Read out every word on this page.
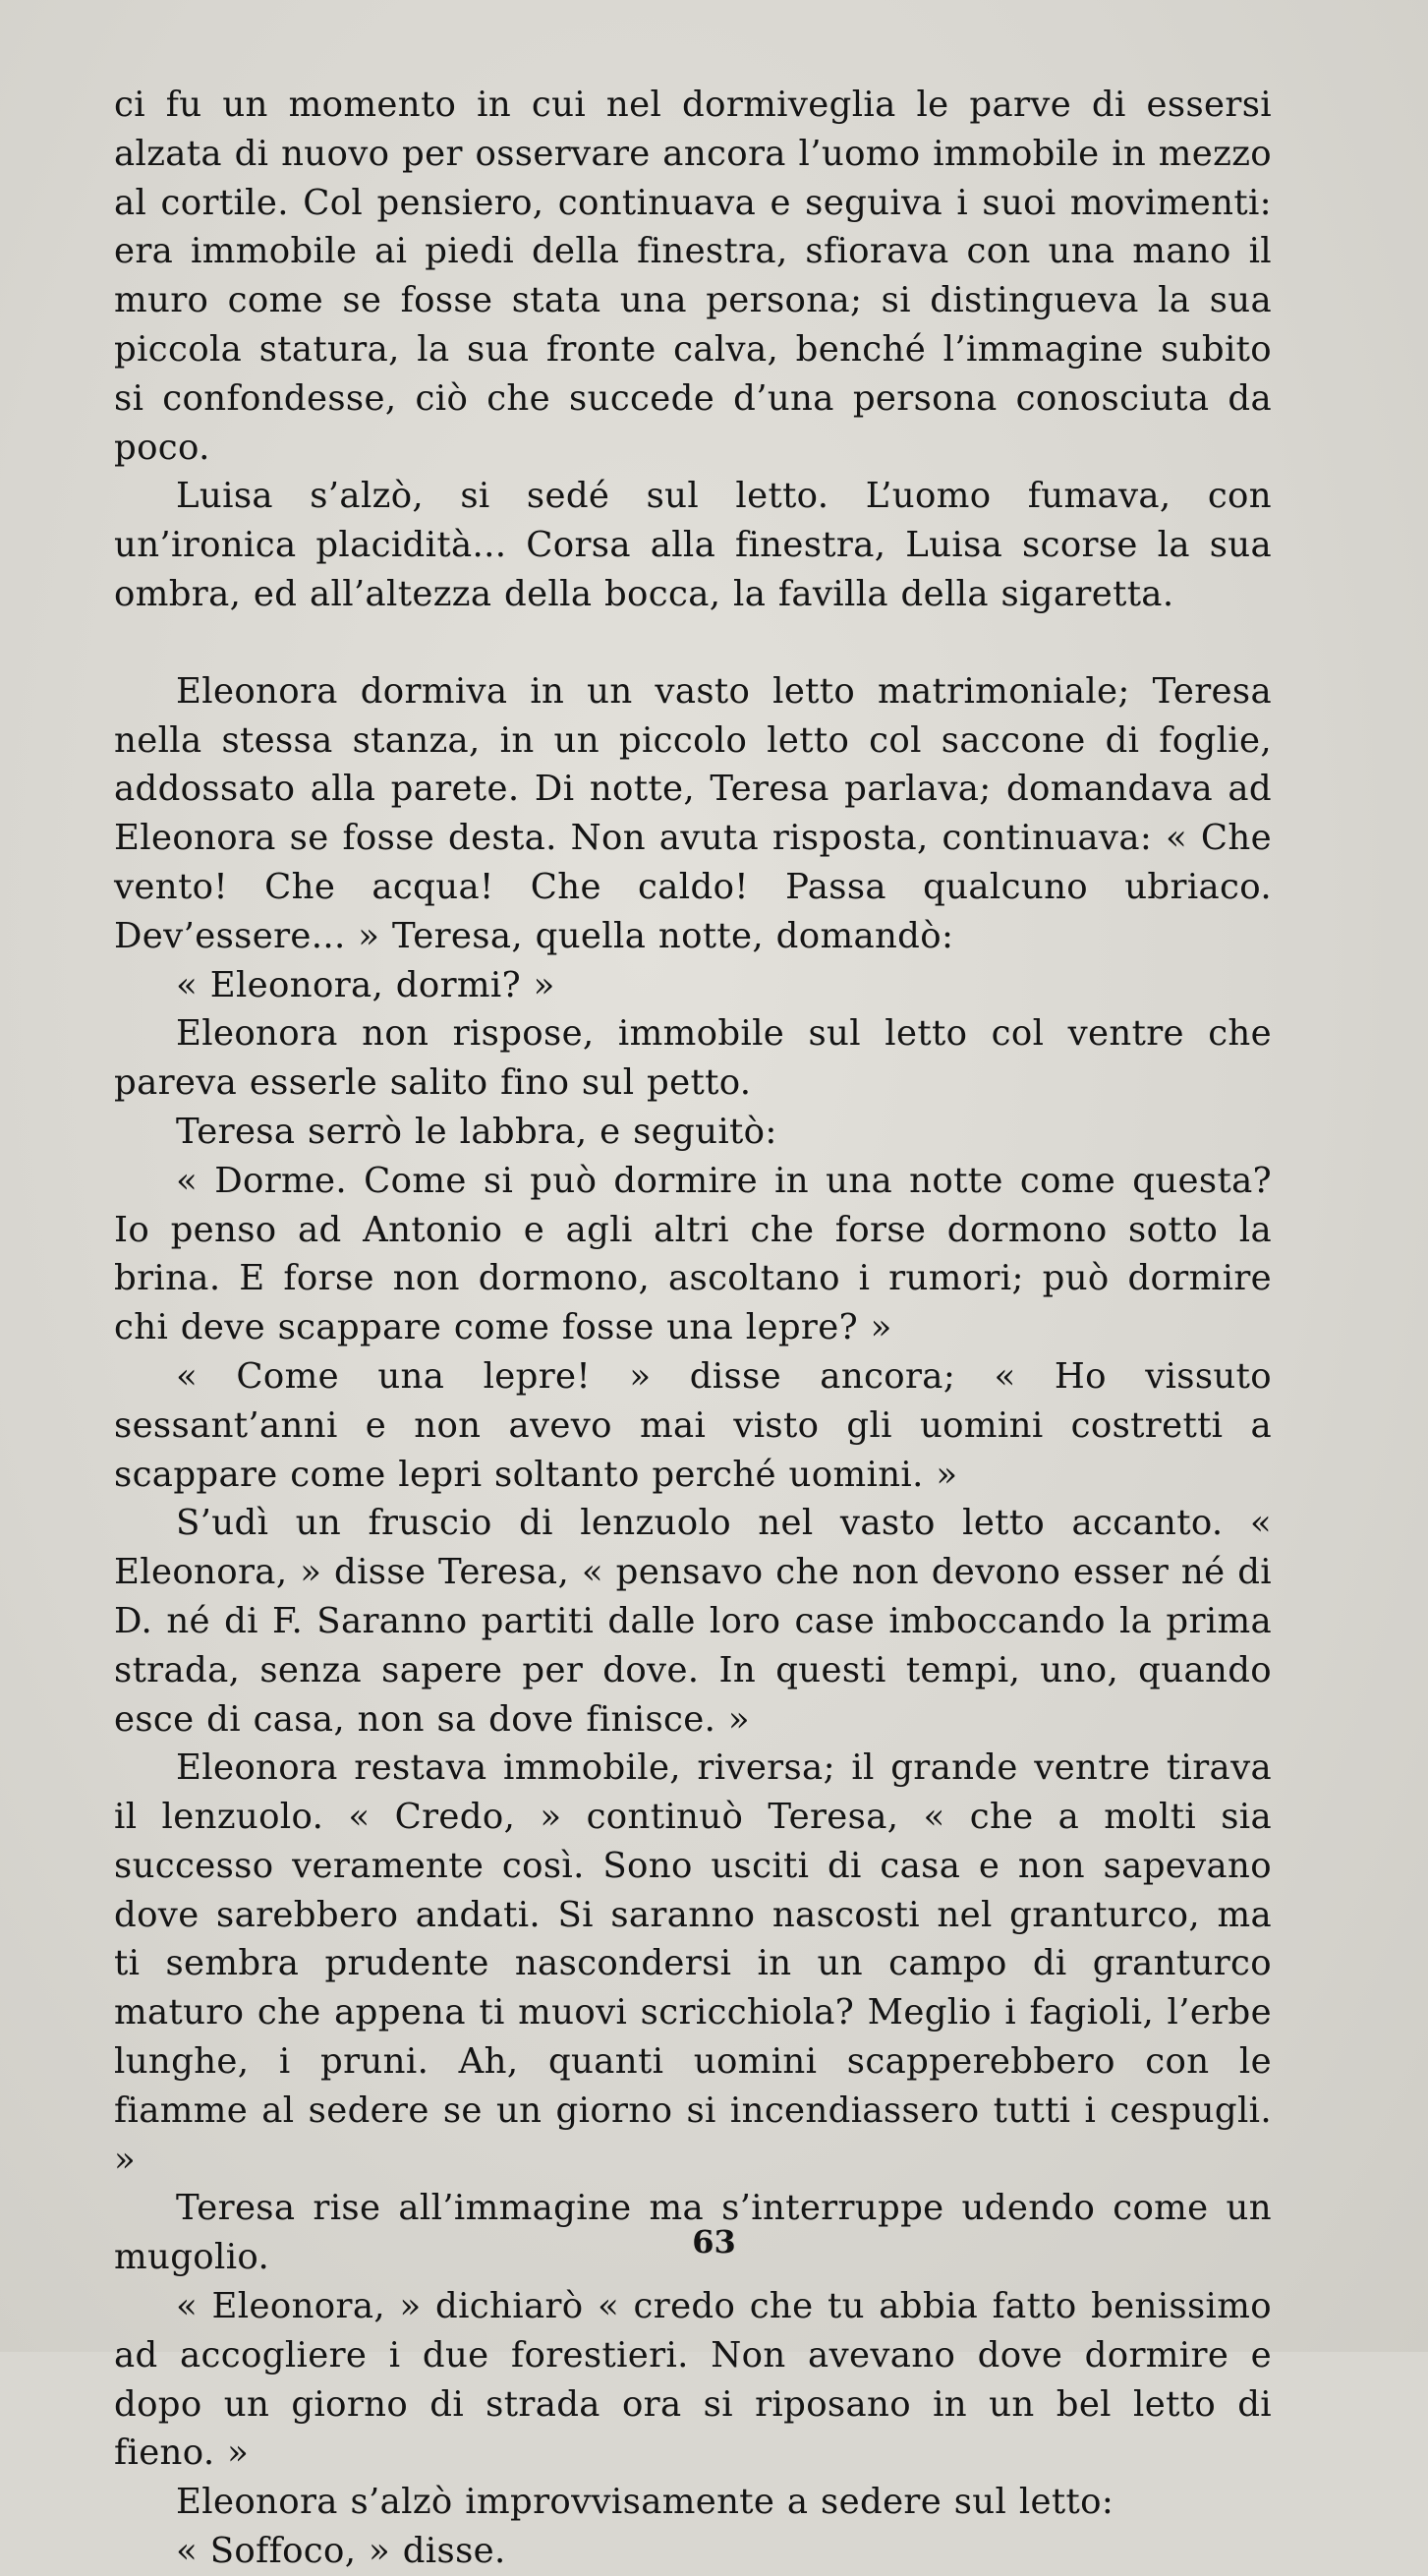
ci fu un momento in cui nel dormiveglia le parve di essersi alzata di nuovo per osservare ancora l’uomo immobile in mezzo al cortile. Col pensiero, continuava e seguiva i suoi movimenti: era immobile ai piedi della finestra, sfiorava con una mano il muro come se fosse stata una persona; si distingueva la sua piccola statura, la sua fronte calva, benché l’immagine subito si confondesse, ciò che succede d’una persona conosciuta da poco.

Luisa s’alzò, si sedé sul letto. L’uomo fumava, con un’ironica placidità... Corsa alla finestra, Luisa scorse la sua ombra, ed all’altezza della bocca, la favilla della sigaretta.

Eleonora dormiva in un vasto letto matrimoniale; Teresa nella stessa stanza, in un piccolo letto col saccone di foglie, addossato alla parete. Di notte, Teresa parlava; domandava ad Eleonora se fosse desta. Non avuta risposta, continuava: « Che vento! Che acqua! Che caldo! Passa qualcuno ubriaco. Dev’essere... » Teresa, quella notte, domandò:

« Eleonora, dormi? »

Eleonora non rispose, immobile sul letto col ventre che pareva esserle salito fino sul petto.

Teresa serrò le labbra, e seguitò:

« Dorme. Come si può dormire in una notte come questa? Io penso ad Antonio e agli altri che forse dormono sotto la brina. E forse non dormono, ascoltano i rumori; può dormire chi deve scappare come fosse una lepre? »

« Come una lepre! » disse ancora; « Ho vissuto sessant’anni e non avevo mai visto gli uomini costretti a scappare come lepri soltanto perché uomini. »

S’udì un fruscio di lenzuolo nel vasto letto accanto. « Eleonora, » disse Teresa, « pensavo che non devono esser né di D. né di F. Saranno partiti dalle loro case imboccando la prima strada, senza sapere per dove. In questi tempi, uno, quando esce di casa, non sa dove finisce. »

Eleonora restava immobile, riversa; il grande ventre tirava il lenzuolo. « Credo, » continuò Teresa, « che a molti sia successo veramente così. Sono usciti di casa e non sapevano dove sarebbero andati. Si saranno nascosti nel granturco, ma ti sembra prudente nascondersi in un campo di granturco maturo che appena ti muovi scricchiola? Meglio i fagioli, l’erbe lunghe, i pruni. Ah, quanti uomini scapperebbero con le fiamme al sedere se un giorno si incendiassero tutti i cespugli. »

Teresa rise all’immagine ma s’interruppe udendo come un mugolio.

« Eleonora, » dichiarò « credo che tu abbia fatto benissimo ad accogliere i due forestieri. Non avevano dove dormire e dopo un giorno di strada ora si riposano in un bel letto di fieno. »

Eleonora s’alzò improvvisamente a sedere sul letto:

« Soffoco, » disse.

63
